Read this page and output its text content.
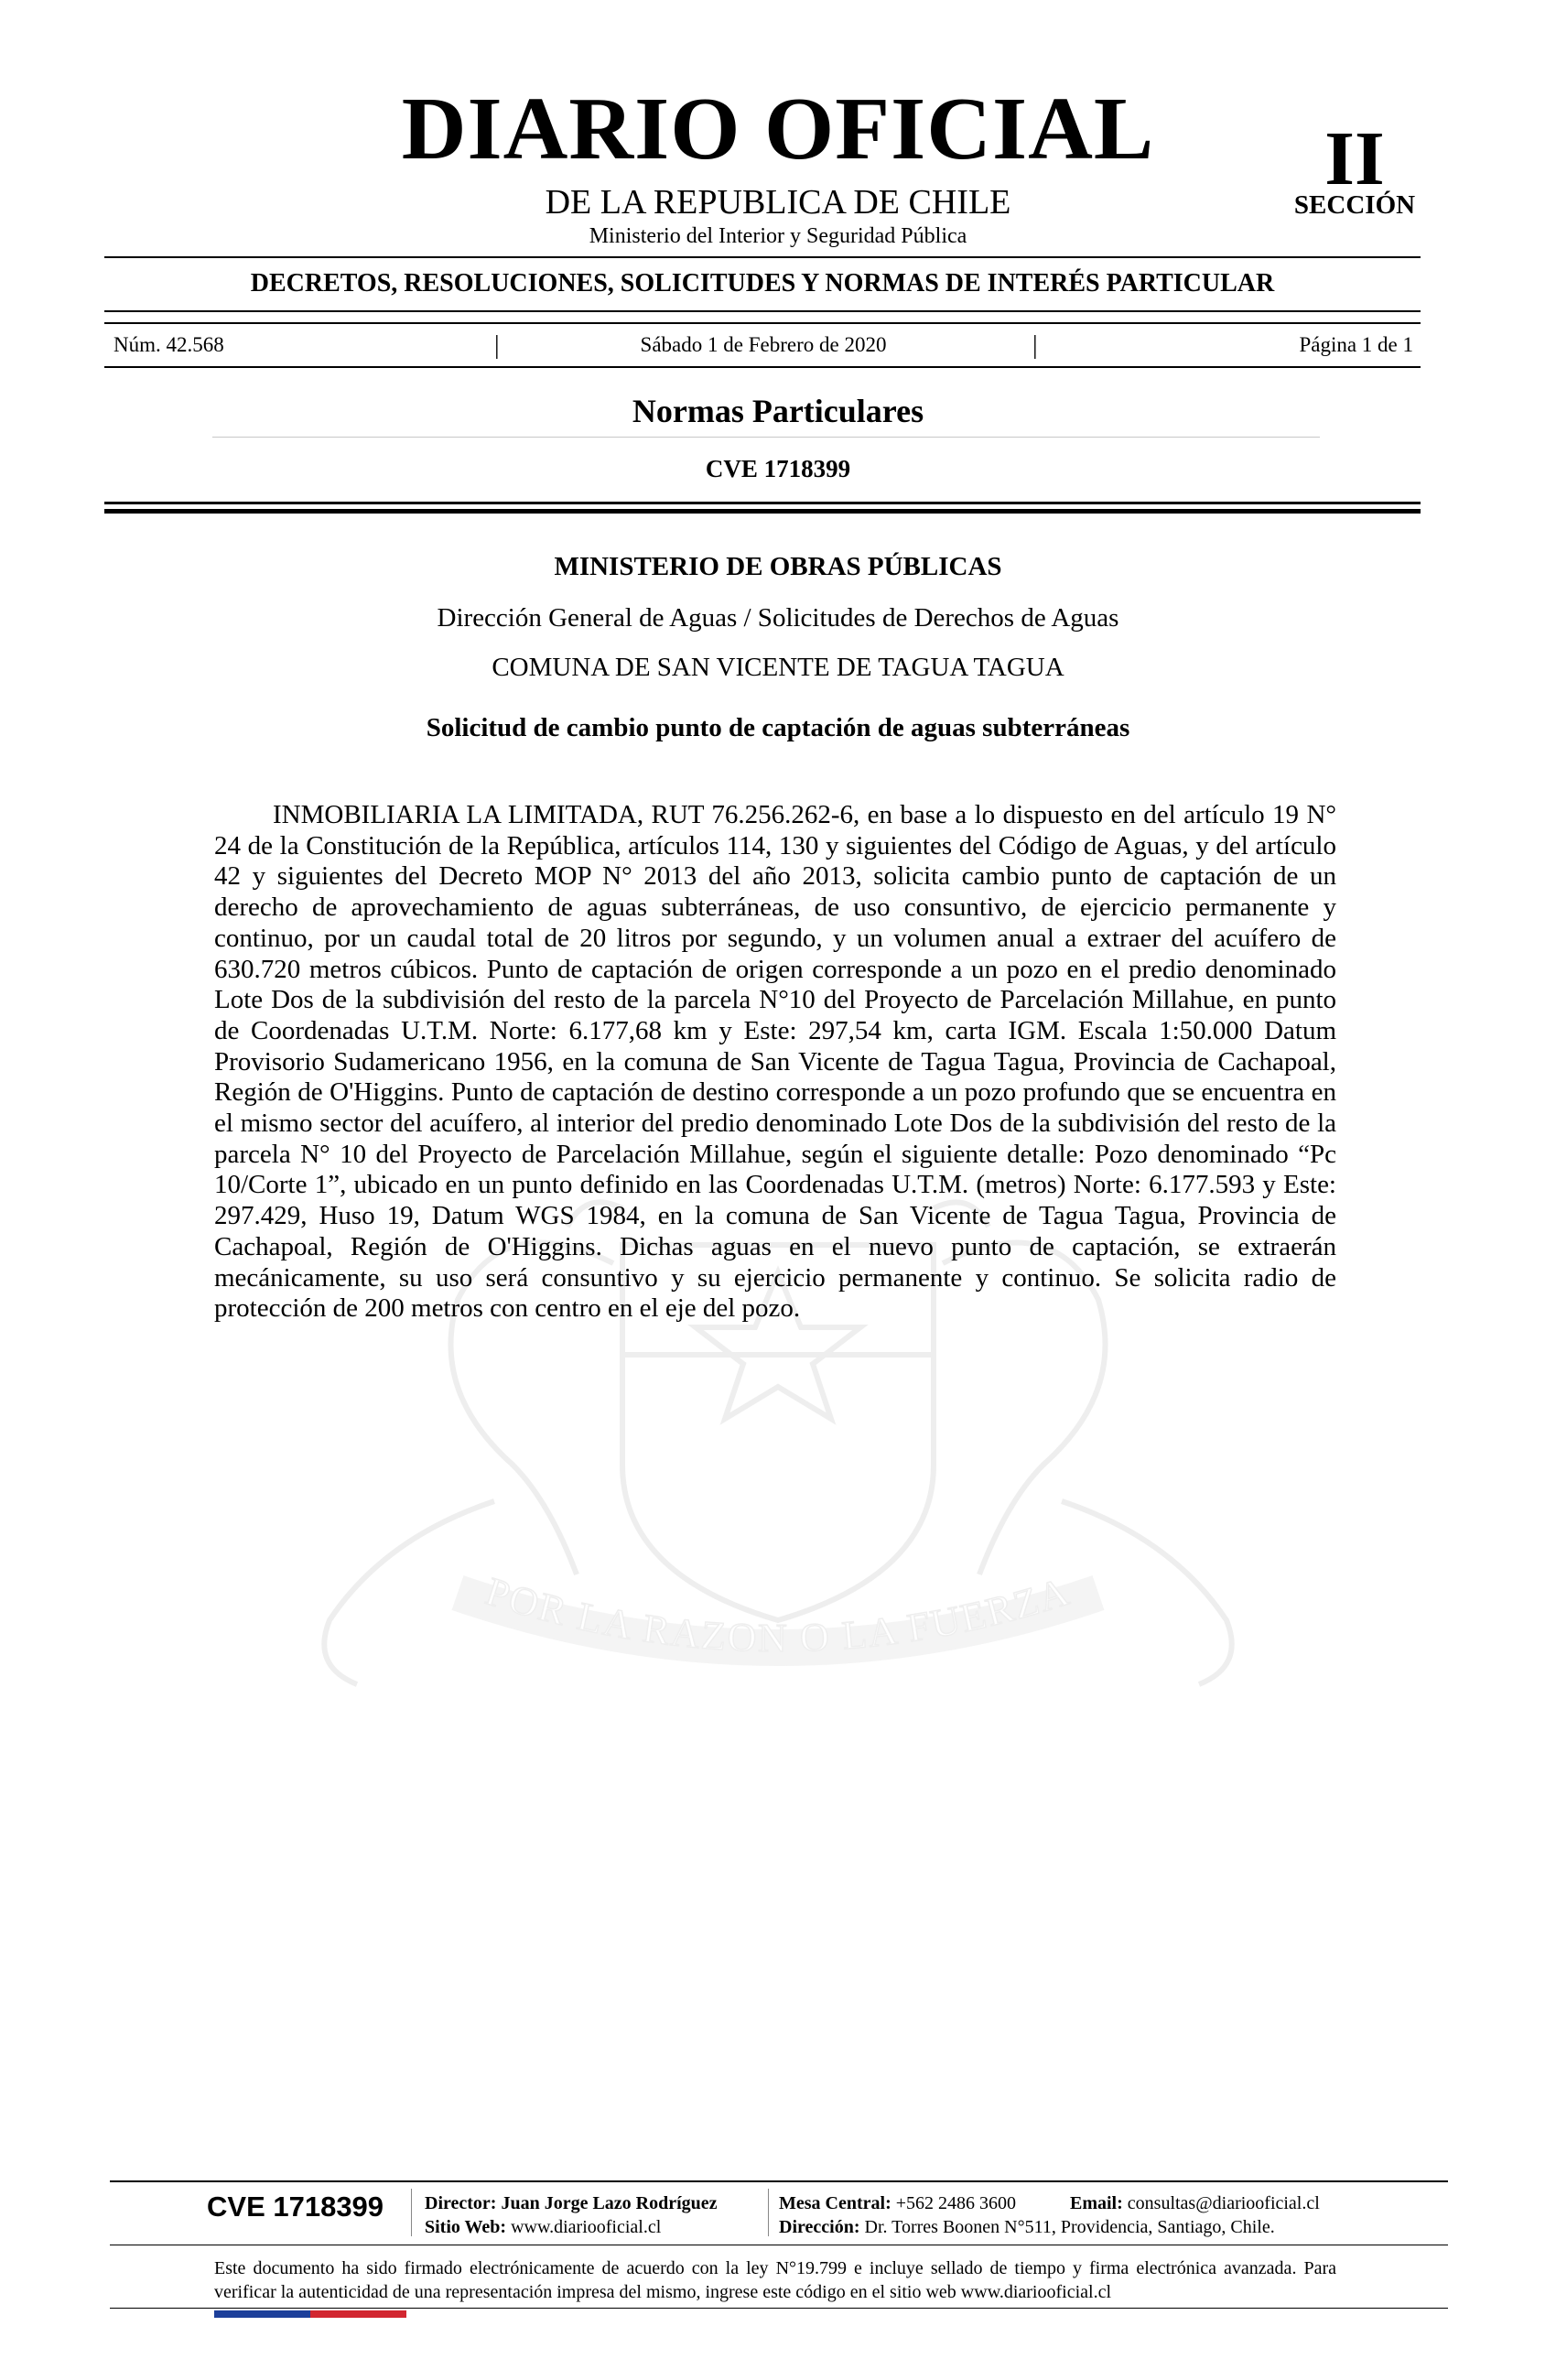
POR LA RAZON O LA FUERZA
DIARIO OFICIAL
DE LA REPUBLICA DE CHILE
Ministerio del Interior y Seguridad Pública
II
SECCIÓN
DECRETOS, RESOLUCIONES, SOLICITUDES Y NORMAS DE INTERÉS PARTICULAR
Núm. 42.568	|	Sábado 1 de Febrero de 2020	|	Página 1 de 1
Normas Particulares
CVE 1718399
MINISTERIO DE OBRAS PÚBLICAS
Dirección General de Aguas / Solicitudes de Derechos de Aguas
COMUNA DE SAN VICENTE DE TAGUA TAGUA
Solicitud de cambio punto de captación de aguas subterráneas

INMOBILIARIA LA LIMITADA, RUT 76.256.262-6, en base a lo dispuesto en del artículo 19 N° 24 de la Constitución de la República, artículos 114, 130 y siguientes del Código de Aguas, y del artículo 42 y siguientes del Decreto MOP N° 2013 del año 2013, solicita cambio punto de captación de un derecho de aprovechamiento de aguas subterráneas, de uso consuntivo, de ejercicio permanente y continuo, por un caudal total de 20 litros por segundo, y un volumen anual a extraer del acuífero de 630.720 metros cúbicos. Punto de captación de origen corresponde a un pozo en el predio denominado Lote Dos de la subdivisión del resto de la parcela N°10 del Proyecto de Parcelación Millahue, en punto de Coordenadas U.T.M. Norte: 6.177,68 km y Este: 297,54 km, carta IGM. Escala 1:50.000 Datum Provisorio Sudamericano 1956, en la comuna de San Vicente de Tagua Tagua, Provincia de Cachapoal, Región de O'Higgins. Punto de captación de destino corresponde a un pozo profundo que se encuentra en el mismo sector del acuífero, al interior del predio denominado Lote Dos de la subdivisión del resto de la parcela N° 10 del Proyecto de Parcelación Millahue, según el siguiente detalle: Pozo denominado “Pc 10/Corte 1”, ubicado en un punto definido en las Coordenadas U.T.M. (metros) Norte: 6.177.593 y Este: 297.429, Huso 19, Datum WGS 1984, en la comuna de San Vicente de Tagua Tagua, Provincia de Cachapoal, Región de O'Higgins. Dichas aguas en el nuevo punto de captación, se extraerán mecánicamente, su uso será consuntivo y su ejercicio permanente y continuo. Se solicita radio de protección de 200 metros con centro en el eje del pozo.

CVE 1718399 Director: Juan Jorge Lazo Rodríguez
Sitio Web: www.diariooficial.cl
Mesa Central: +562 2486 3600	Email: consultas@diariooficial.cl
Dirección: Dr. Torres Boonen N°511, Providencia, Santiago, Chile.
Este documento ha sido firmado electrónicamente de acuerdo con la ley N°19.799 e incluye sellado de tiempo y firma electrónica avanzada. Para verificar la autenticidad de una representación impresa del mismo, ingrese este código en el sitio web www.diariooficial.cl
